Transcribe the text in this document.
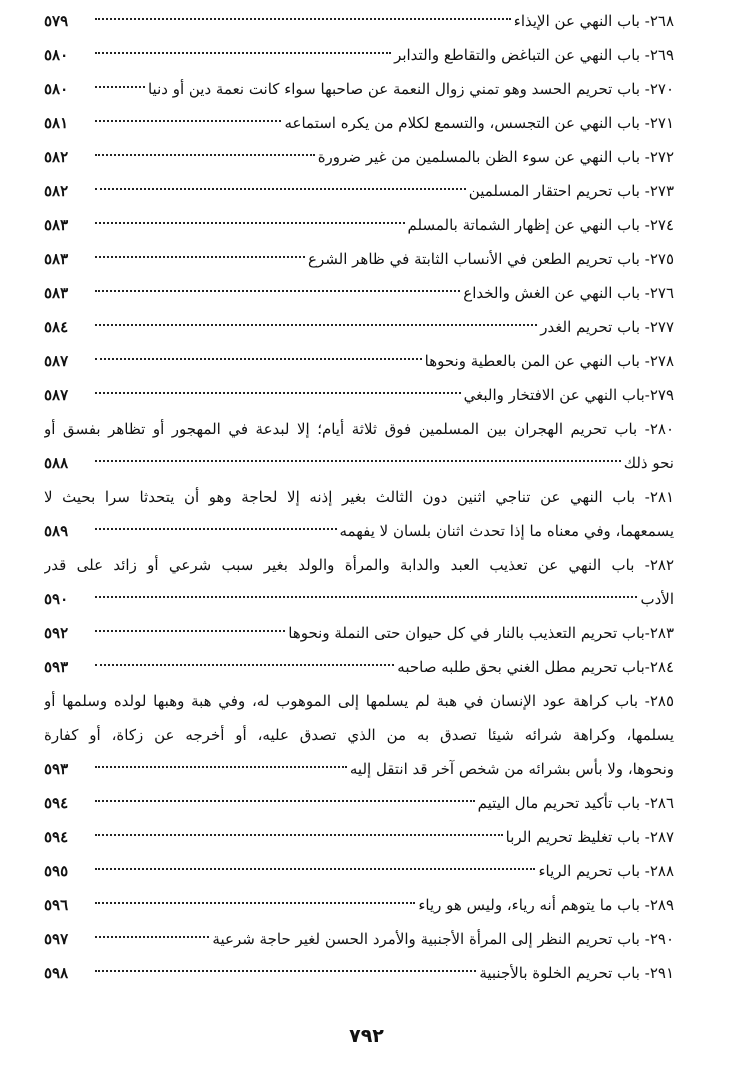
٢٦٨- باب النهي عن الإيذاء
٥٧٩
٢٦٩- باب النهي عن التباغض والتقاطع والتدابر
٥٨٠
٢٧٠- باب تحريم الحسد وهو تمني زوال النعمة عن صاحبها سواء كانت نعمة دين أو دنيا
٥٨٠
٢٧١- باب النهي عن التجسس، والتسمع لكلام من يكره استماعه
٥٨١
٢٧٢- باب النهي عن سوء الظن بالمسلمين من غير ضرورة
٥٨٢
٢٧٣- باب تحريم احتقار المسلمين
٥٨٢
٢٧٤- باب النهي عن إظهار الشماتة بالمسلم
٥٨٣
٢٧٥- باب تحريم الطعن في الأنساب الثابتة في ظاهر الشرع
٥٨٣
٢٧٦- باب النهي عن الغش والخداع
٥٨٣
٢٧٧- باب تحريم الغدر
٥٨٤
٢٧٨- باب النهي عن المن بالعطية ونحوها
٥٨٧
٢٧٩-باب النهي عن الافتخار والبغي
٥٨٧
٢٨٠- باب تحريم الهجران بين المسلمين فوق ثلاثة أيام؛ إلا لبدعة في المهجور أو تظاهر بفسق أو
نحو ذلك
٥٨٨
٢٨١- باب النهي عن تناجي اثنين دون الثالث بغير إذنه إلا لحاجة وهو أن يتحدثا سرا بحيث لا
يسمعهما، وفي معناه ما إذا تحدث اثنان بلسان لا يفهمه
٥٨٩
٢٨٢- باب النهي عن تعذيب العبد والدابة والمرأة والولد بغير سبب شرعي أو زائد على قدر
الأدب
٥٩٠
٢٨٣-باب تحريم التعذيب بالنار في كل حيوان حتى النملة ونحوها
٥٩٢
٢٨٤-باب تحريم مطل الغني بحق طلبه صاحبه
٥٩٣
٢٨٥- باب كراهة عود الإنسان في هبة لم يسلمها إلى الموهوب له، وفي هبة وهبها لولده وسلمها أو
يسلمها، وكراهة شرائه شيئا تصدق به من الذي تصدق عليه، أو أخرجه عن زكاة، أو كفارة
ونحوها، ولا بأس بشرائه من شخص آخر قد انتقل إليه
٥٩٣
٢٨٦- باب تأكيد تحريم مال اليتيم
٥٩٤
٢٨٧- باب تغليظ تحريم الربا
٥٩٤
٢٨٨- باب تحريم الرياء
٥٩٥
٢٨٩- باب ما يتوهم أنه رياء، وليس هو رياء
٥٩٦
٢٩٠- باب تحريم النظر إلى المرأة الأجنبية والأمرد الحسن لغير حاجة شرعية
٥٩٧
٢٩١- باب تحريم الخلوة بالأجنبية
٥٩٨
٧٩٢
